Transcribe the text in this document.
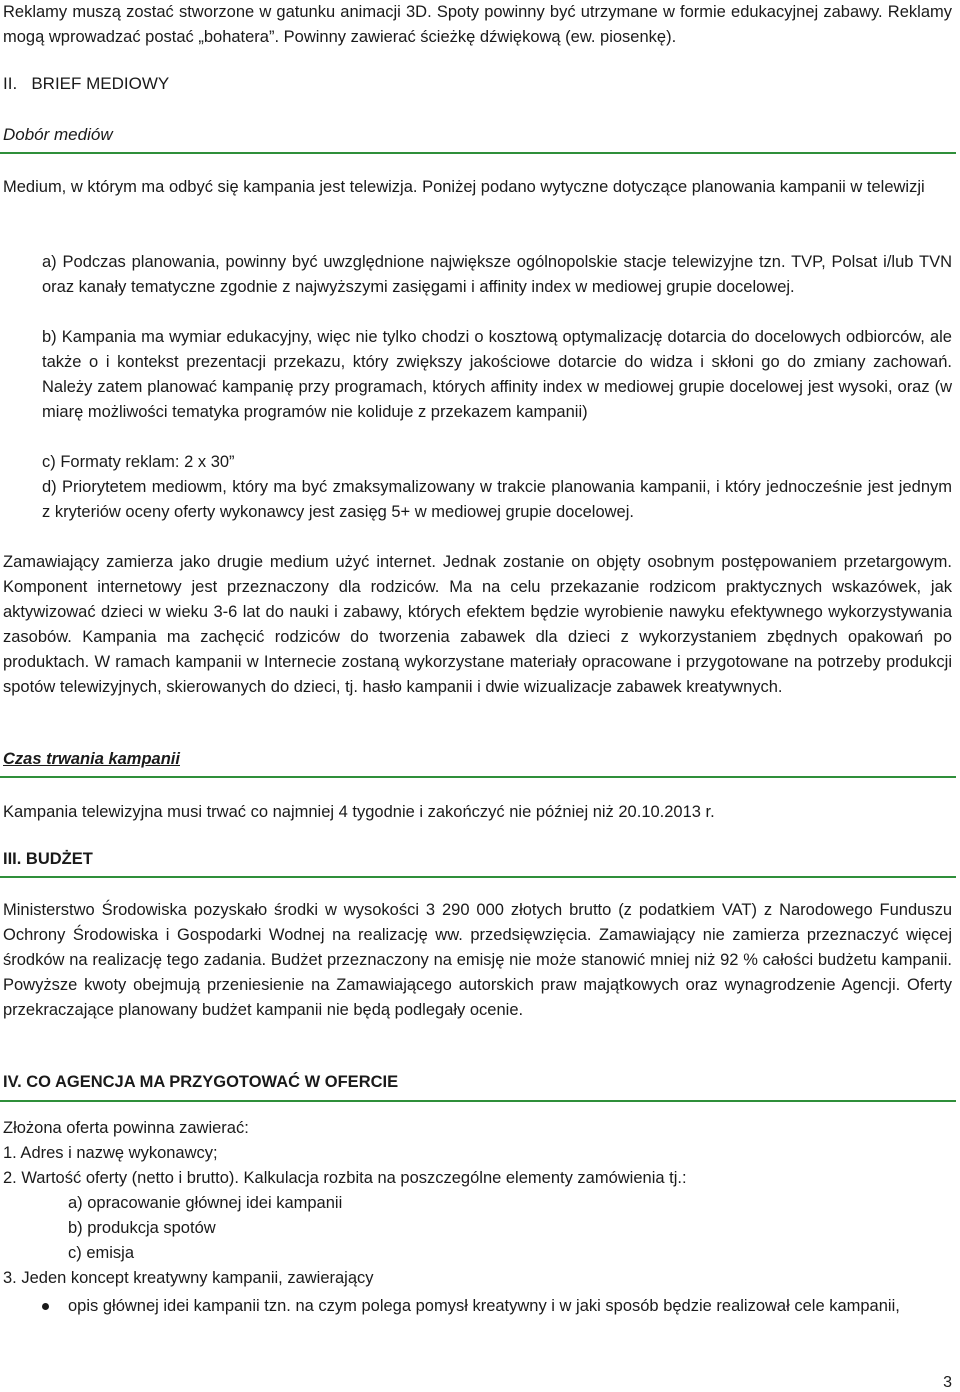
Reklamy muszą zostać stworzone w gatunku animacji 3D. Spoty powinny być utrzymane w formie edukacyjnej zabawy. Reklamy mogą wprowadzać postać „bohatera”. Powinny zawierać ścieżkę dźwiękową (ew. piosenkę).

II. BRIEF MEDIOWY
Dobór mediów

Medium, w którym ma odbyć się kampania jest telewizja. Poniżej podano wytyczne dotyczące planowania kampanii w telewizji

a) Podczas planowania, powinny być uwzględnione największe ogólnopolskie stacje telewizyjne tzn. TVP, Polsat i/lub TVN oraz kanały tematyczne zgodnie z najwyższymi zasięgami i affinity index w mediowej grupie docelowej.

b) Kampania ma wymiar edukacyjny, więc nie tylko chodzi o kosztową optymalizację dotarcia do docelowych odbiorców, ale także o i kontekst prezentacji przekazu, który zwiększy jakościowe dotarcie do widza i skłoni go do zmiany zachowań. Należy zatem planować kampanię przy programach, których affinity index w mediowej grupie docelowej jest wysoki, oraz (w miarę możliwości tematyka programów nie koliduje z przekazem kampanii)

c) Formaty reklam: 2 x 30”

d) Priorytetem mediowm, który ma być zmaksymalizowany w trakcie planowania kampanii, i który jednocześnie jest jednym z kryteriów oceny oferty wykonawcy jest zasięg 5+ w mediowej grupie docelowej.

Zamawiający zamierza jako drugie medium użyć internet. Jednak zostanie on objęty osobnym postępowaniem przetargowym. Komponent internetowy jest przeznaczony dla rodziców. Ma na celu przekazanie rodzicom praktycznych wskazówek, jak aktywizować dzieci w wieku 3-6 lat do nauki i zabawy, których efektem będzie wyrobienie nawyku efektywnego wykorzystywania zasobów. Kampania ma zachęcić rodziców do tworzenia zabawek dla dzieci z wykorzystaniem zbędnych opakowań po produktach. W ramach kampanii w Internecie zostaną wykorzystane materiały opracowane i przygotowane na potrzeby produkcji spotów telewizyjnych, skierowanych do dzieci, tj. hasło kampanii i dwie wizualizacje zabawek kreatywnych.

Czas trwania kampanii

Kampania telewizyjna musi trwać co najmniej 4 tygodnie i zakończyć nie później niż 20.10.2013 r.

III. BUDŻET

Ministerstwo Środowiska pozyskało środki w wysokości 3 290 000 złotych brutto (z podatkiem VAT) z Narodowego Funduszu Ochrony Środowiska i Gospodarki Wodnej na realizację ww. przedsięwzięcia. Zamawiający nie zamierza przeznaczyć więcej środków na realizację tego zadania. Budżet przeznaczony na emisję nie może stanowić mniej niż 92 % całości budżetu kampanii. Powyższe kwoty obejmują przeniesienie na Zamawiającego autorskich praw majątkowych oraz wynagrodzenie Agencji. Oferty przekraczające planowany budżet kampanii nie będą podlegały ocenie.

IV. CO AGENCJA MA PRZYGOTOWAĆ W OFERCIE

Złożona oferta powinna zawierać:

1. Adres i nazwę wykonawcy;

2. Wartość oferty (netto i brutto). Kalkulacja rozbita na poszczególne elementy zamówienia tj.:

a) opracowanie głównej idei kampanii

b) produkcja spotów

c) emisja

3. Jeden koncept kreatywny kampanii, zawierający

opis głównej idei kampanii tzn. na czym polega pomysł kreatywny i w jaki sposób będzie realizował cele kampanii,
3
